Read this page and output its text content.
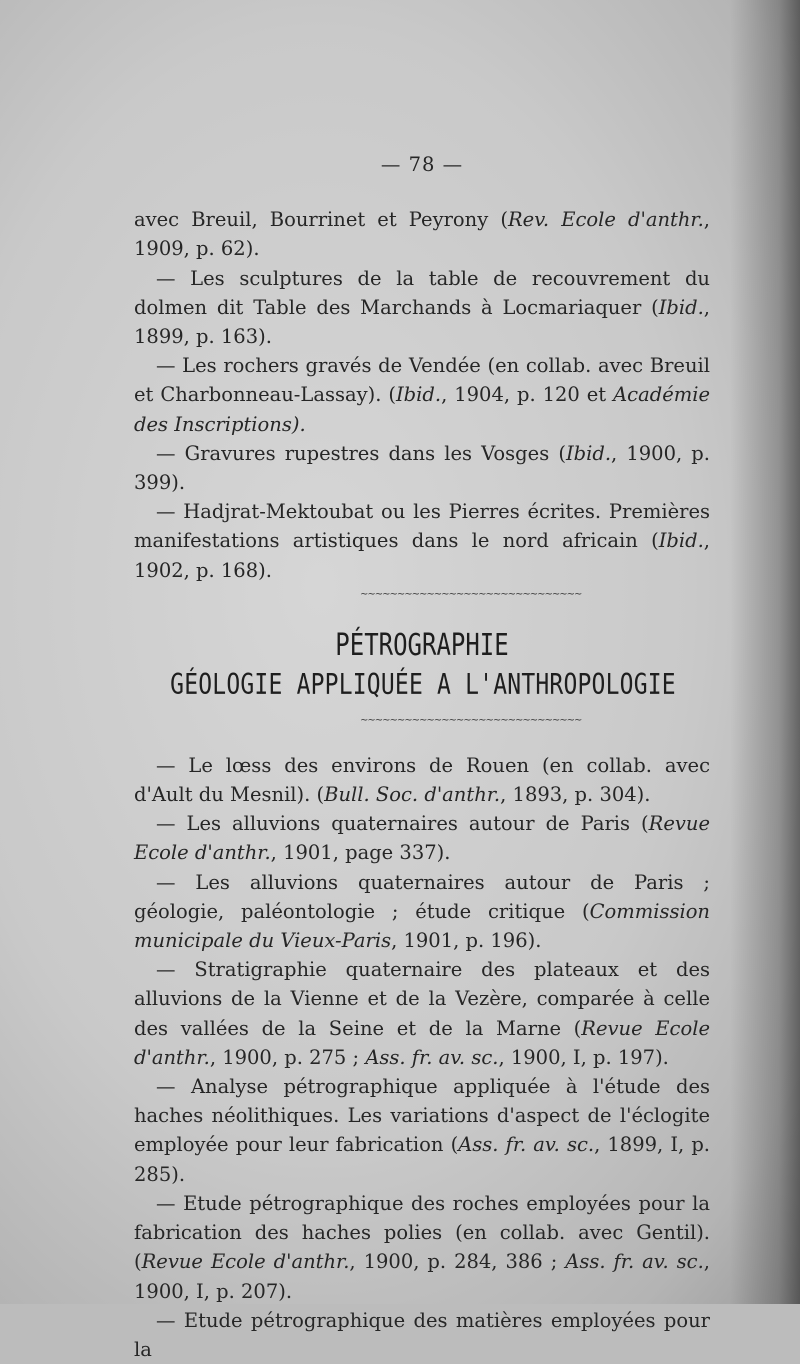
— 78 —

avec Breuil, Bourrinet et Peyrony (Rev. Ecole d'anthr., 1909, p. 62).

— Les sculptures de la table de recouvrement du dolmen dit Table des Marchands à Locmariaquer (Ibid., 1899, p. 163).

— Les rochers gravés de Vendée (en collab. avec Breuil et Charbonneau-Lassay). (Ibid., 1904, p. 120 et Académie des Inscriptions).

— Gravures rupestres dans les Vosges (Ibid., 1900, p. 399).

— Hadjrat-Mektoubat ou les Pierres écrites. Premières manifestations artistiques dans le nord africain (Ibid., 1902, p. 168).

∼∼∼∼∼∼∼∼∼∼∼∼∼∼∼∼∼∼∼∼∼∼∼∼∼∼∼∼∼∼
PÉTROGRAPHIE
GÉOLOGIE APPLIQUÉE A L'ANTHROPOLOGIE
∼∼∼∼∼∼∼∼∼∼∼∼∼∼∼∼∼∼∼∼∼∼∼∼∼∼∼∼∼∼

— Le lœss des environs de Rouen (en collab. avec d'Ault du Mesnil). (Bull. Soc. d'anthr., 1893, p. 304).

— Les alluvions quaternaires autour de Paris (Revue Ecole d'anthr., 1901, page 337).

— Les alluvions quaternaires autour de Paris ; géologie, paléontologie ; étude critique (Commission municipale du Vieux-Paris, 1901, p. 196).

— Stratigraphie quaternaire des plateaux et des alluvions de la Vienne et de la Vezère, comparée à celle des vallées de la Seine et de la Marne (Revue Ecole d'anthr., 1900, p. 275 ; Ass. fr. av. sc., 1900, I, p. 197).

— Analyse pétrographique appliquée à l'étude des haches néolithiques. Les variations d'aspect de l'éclogite employée pour leur fabrication (Ass. fr. av. sc., 1899, I, p. 285).

— Etude pétrographique des roches employées pour la fabrication des haches polies (en collab. avec Gentil). (Revue Ecole d'anthr., 1900, p. 284, 386 ; Ass. fr. av. sc., 1900, I, p. 207).

— Etude pétrographique des matières employées pour la
